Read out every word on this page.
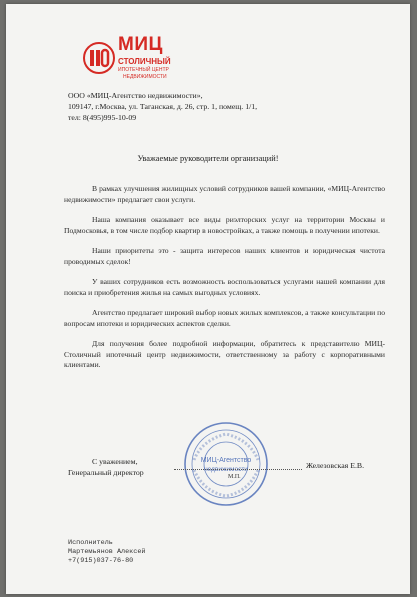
МИЦ
СТОЛИЧНЫЙ
ИПОТЕЧНЫЙ ЦЕНТР
НЕДВИЖИМОСТИ
ООО «МИЦ-Агентство недвижимости»,
109147, г.Москва, ул. Таганская, д. 26, стр. 1, помещ. 1/1,
тел: 8(495)995-10-09
Уважаемые руководители организаций!

В рамках улучшения жилищных условий сотрудников вашей компании, «МИЦ-Агентство недвижимости» предлагает свои услуги.

Наша компания оказывает все виды риэлторских услуг на территории Москвы и Подмосковья, в том числе подбор квартир в новостройках, а также помощь в получении ипотеки.

Наши приоритеты это - защита интересов наших клиентов и юридическая чистота проводимых сделок!

У ваших сотрудников есть возможность воспользоваться услугами нашей компании для поиска и приобретения жилья на самых выгодных условиях.

Агентство предлагает широкий выбор новых жилых комплексов, а также консультации по вопросам ипотеки и юридических аспектов сделки.

Для получения более подробной информации, обратитесь к представителю МИЦ-Столичный ипотечный центр недвижимости, ответственному за работу с корпоративными клиентами.

МИЦ-Агентство
недвижимости
С уважением,
Генеральный директор
М.П.
Железовская Е.В.
Исполнитель
Мартемьянов Алексей
+7(915)037-76-80
